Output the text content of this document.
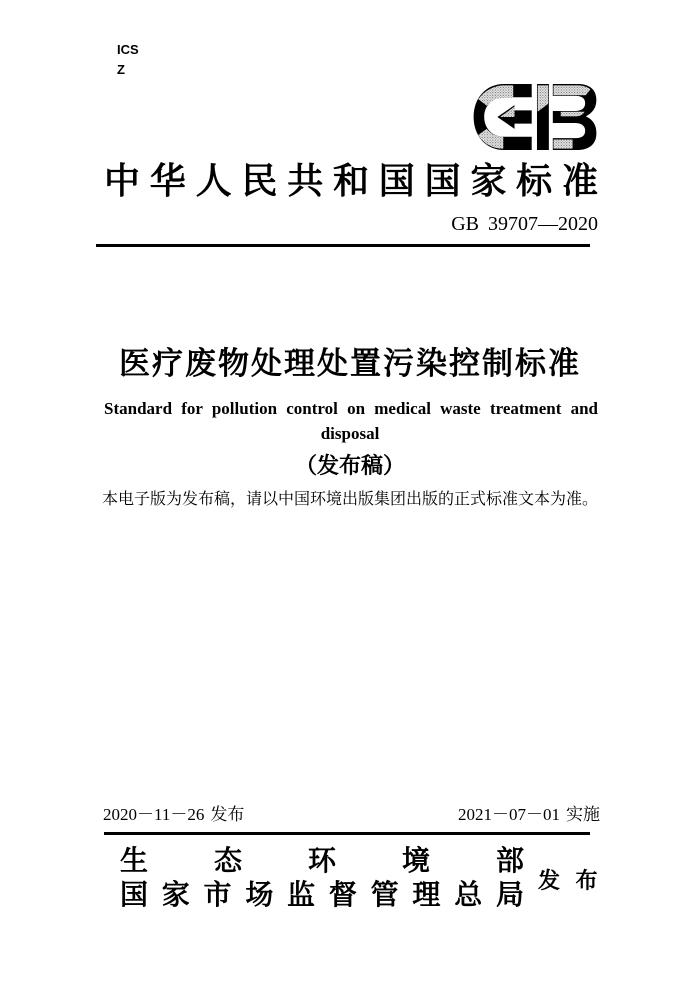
ICS
Z
中 华 人 民 共 和 国 国 家 标 准
GB 39707—2020
医疗废物处理处置污染控制标准
Standard for pollution control on medical waste treatment and
disposal
（发布稿）
本电子版为发布稿，请以中国环境出版集团出版的正式标准文本为准。
2020－11－26 发布	2021－07－01 实施
生 态 环 境 部
国 家 市 场 监 督 管 理 总 局 发 布
